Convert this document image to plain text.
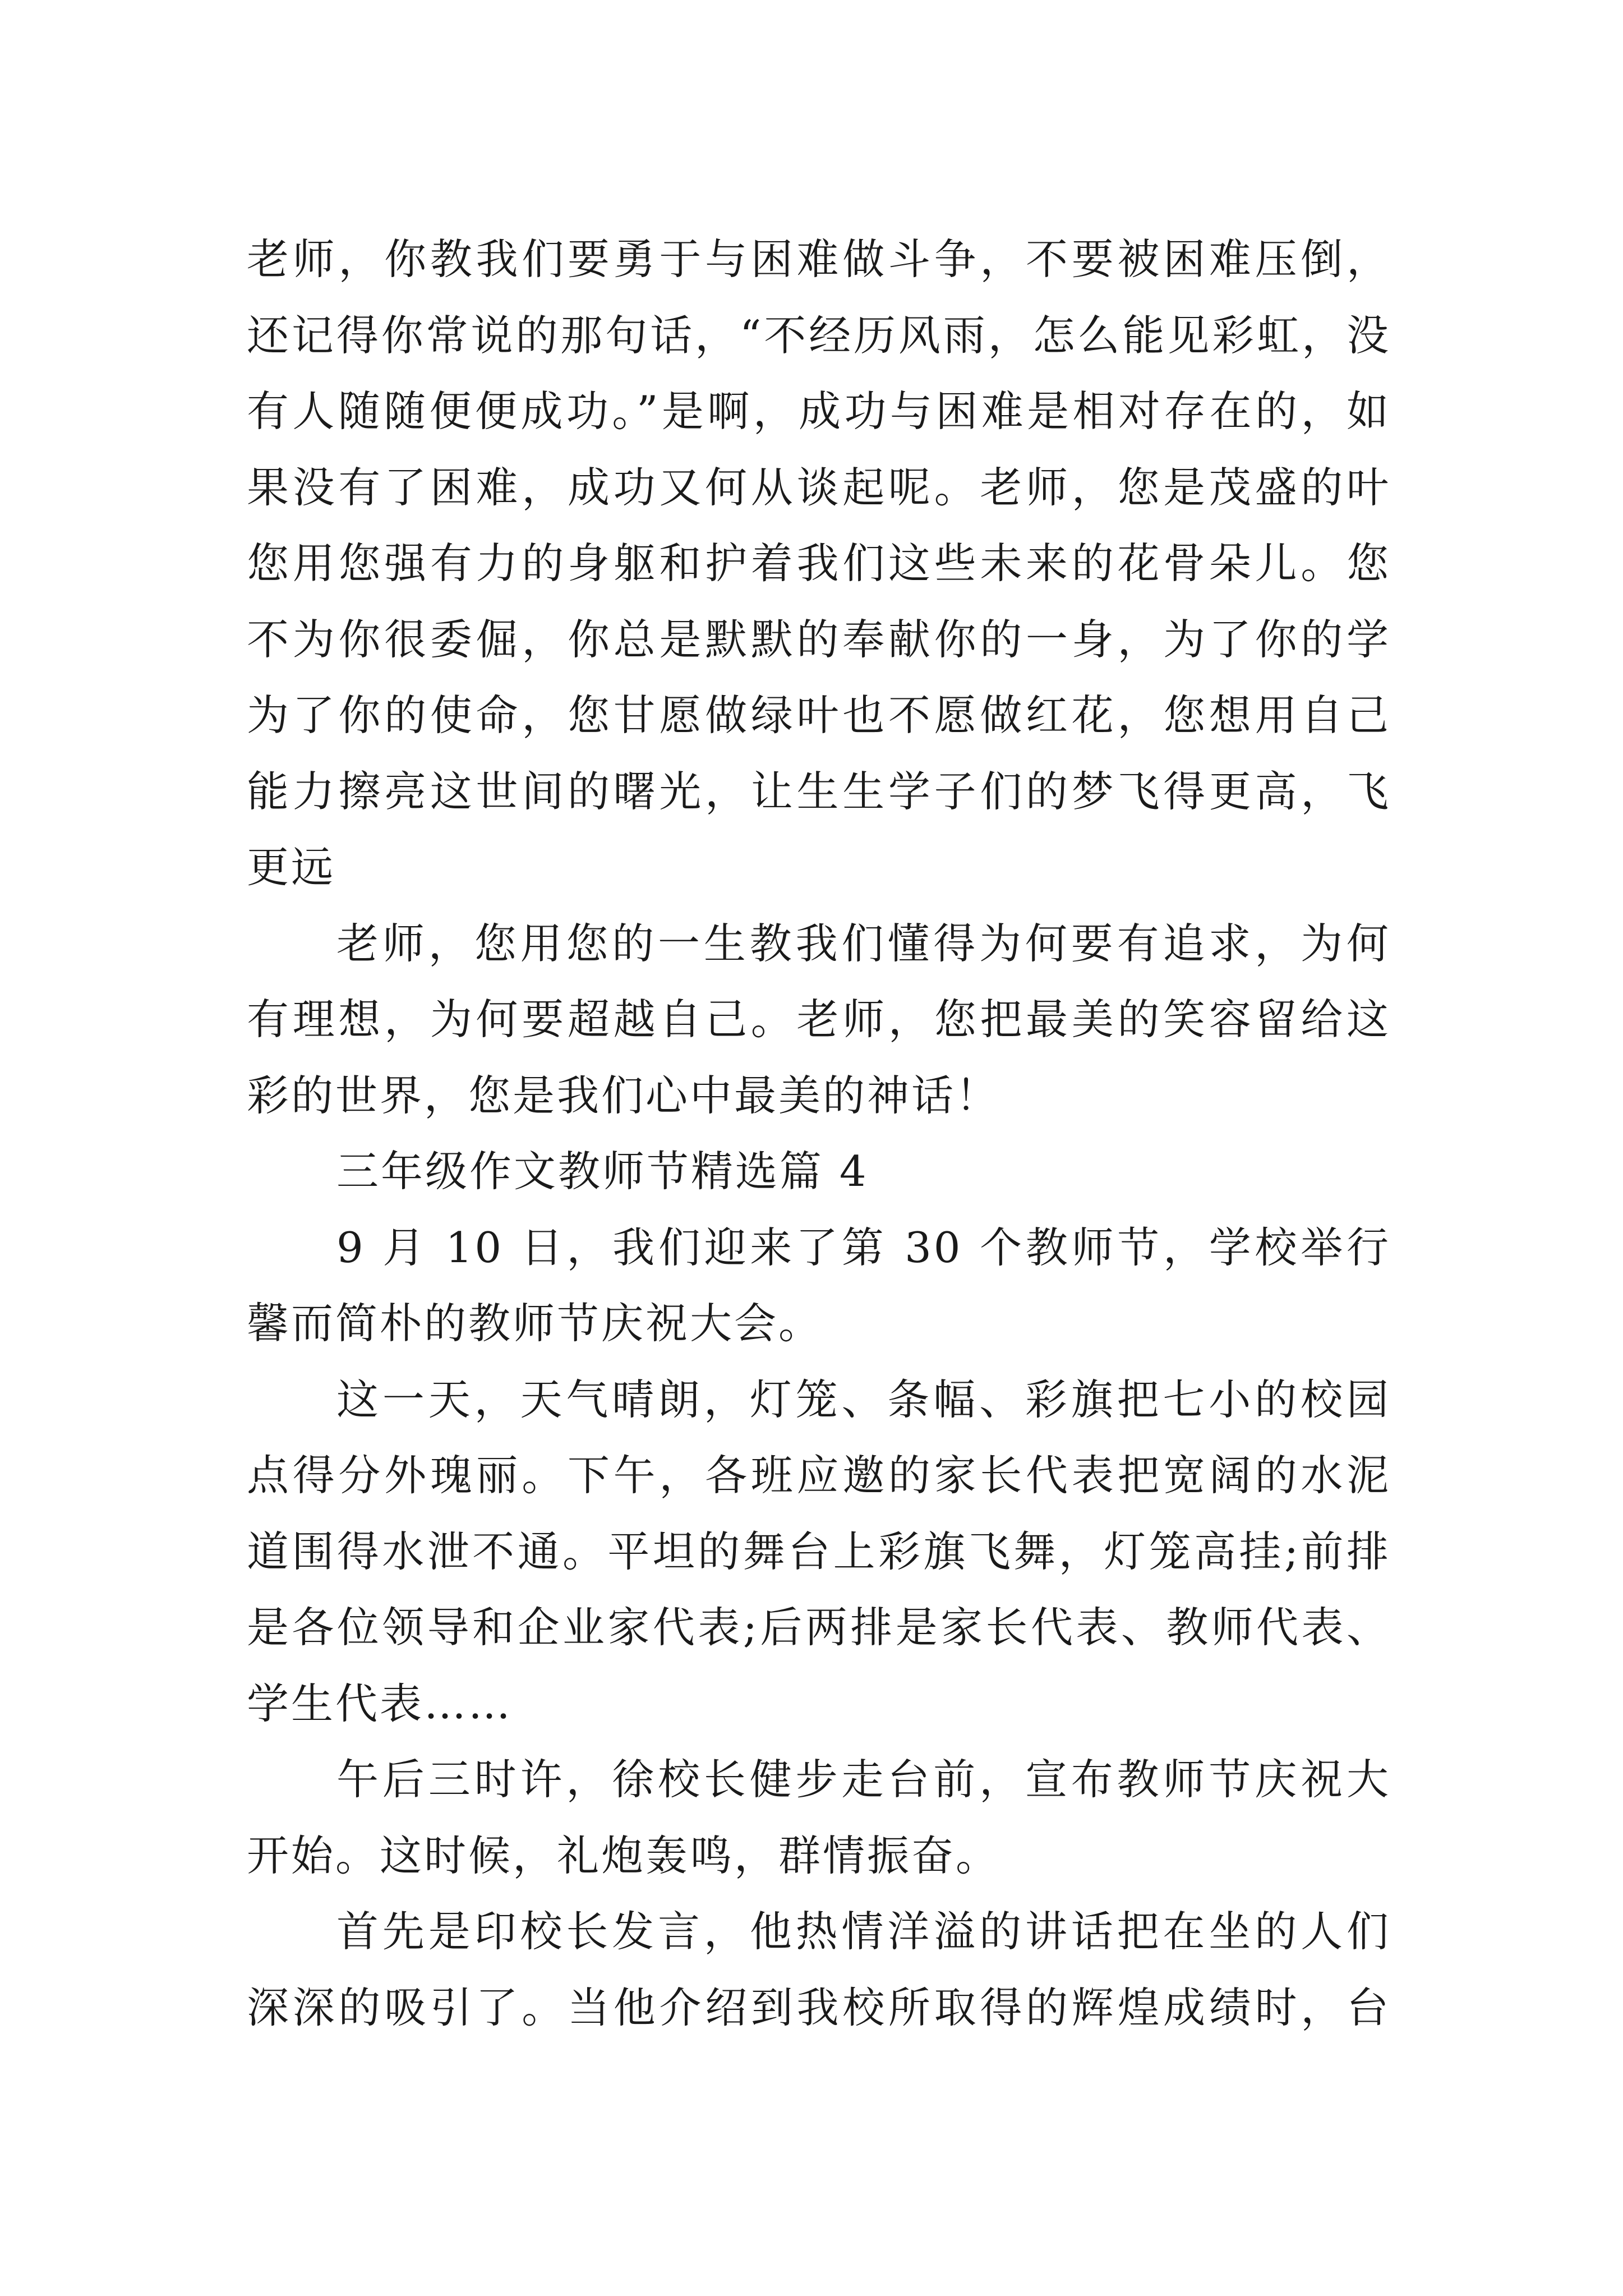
老师，你教我们要勇于与困难做斗争，不要被困难压倒，
还记得你常说的那句话，“不经历风雨，怎么能见彩虹，没
有人随随便便成功。”是啊，成功与困难是相对存在的，如
果没有了困难，成功又何从谈起呢。老师，您是茂盛的叶
您用您强有力的身躯和护着我们这些未来的花骨朵儿。您
不为你很委倔，你总是默默的奉献你的一身，为了你的学
为了你的使命，您甘愿做绿叶也不愿做红花，您想用自己
能力擦亮这世间的曙光，让生生学子们的梦飞得更高，飞
更远
老师，您用您的一生教我们懂得为何要有追求，为何
有理想，为何要超越自己。老师，您把最美的笑容留给这
彩的世界，您是我们心中最美的神话！
三年级作文教师节精选篇 4
9 月 10 日，我们迎来了第 30 个教师节，学校举行
馨而简朴的教师节庆祝大会。
这一天，天气晴朗，灯笼、条幅、彩旗把七小的校园
点得分外瑰丽。下午，各班应邀的家长代表把宽阔的水泥
道围得水泄不通。平坦的舞台上彩旗飞舞，灯笼高挂;前排
是各位领导和企业家代表;后两排是家长代表、教师代表、
学生代表……
午后三时许，徐校长健步走台前，宣布教师节庆祝大
开始。这时候，礼炮轰鸣，群情振奋。
首先是印校长发言，他热情洋溢的讲话把在坐的人们
深深的吸引了。当他介绍到我校所取得的辉煌成绩时，台
